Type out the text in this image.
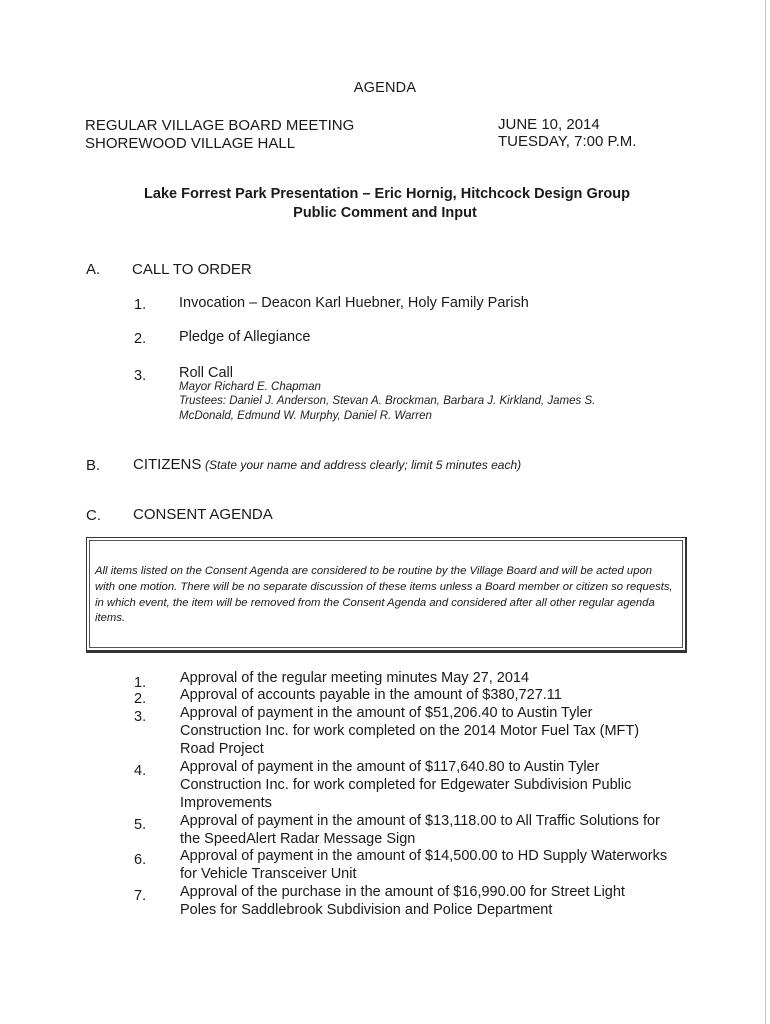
AGENDA
REGULAR VILLAGE BOARD MEETING
SHOREWOOD VILLAGE HALL
JUNE 10, 2014
TUESDAY, 7:00 P.M.
Lake Forrest Park Presentation – Eric Hornig, Hitchcock Design Group
Public Comment and Input
A. CALL TO ORDER
1. Invocation – Deacon Karl Huebner, Holy Family Parish
2. Pledge of Allegiance
3. Roll Call
Mayor Richard E. Chapman
Trustees: Daniel J. Anderson, Stevan A. Brockman, Barbara J. Kirkland, James S.
McDonald, Edmund W. Murphy, Daniel R. Warren
B. CITIZENS (State your name and address clearly; limit 5 minutes each)
C. CONSENT AGENDA
All items listed on the Consent Agenda are considered to be routine by the Village Board and will be acted upon with one motion. There will be no separate discussion of these items unless a Board member or citizen so requests, in which event, the item will be removed from the Consent Agenda and considered after all other regular agenda items.
1. Approval of the regular meeting minutes May 27, 2014
2. Approval of accounts payable in the amount of $380,727.11
3. Approval of payment in the amount of $51,206.40 to Austin Tyler
Construction Inc. for work completed on the 2014 Motor Fuel Tax (MFT)
Road Project
4. Approval of payment in the amount of $117,640.80 to Austin Tyler
Construction Inc. for work completed for Edgewater Subdivision Public
Improvements
5. Approval of payment in the amount of $13,118.00 to All Traffic Solutions for
the SpeedAlert Radar Message Sign
6. Approval of payment in the amount of $14,500.00 to HD Supply Waterworks
for Vehicle Transceiver Unit
7. Approval of the purchase in the amount of $16,990.00 for Street Light
Poles for Saddlebrook Subdivision and Police Department
